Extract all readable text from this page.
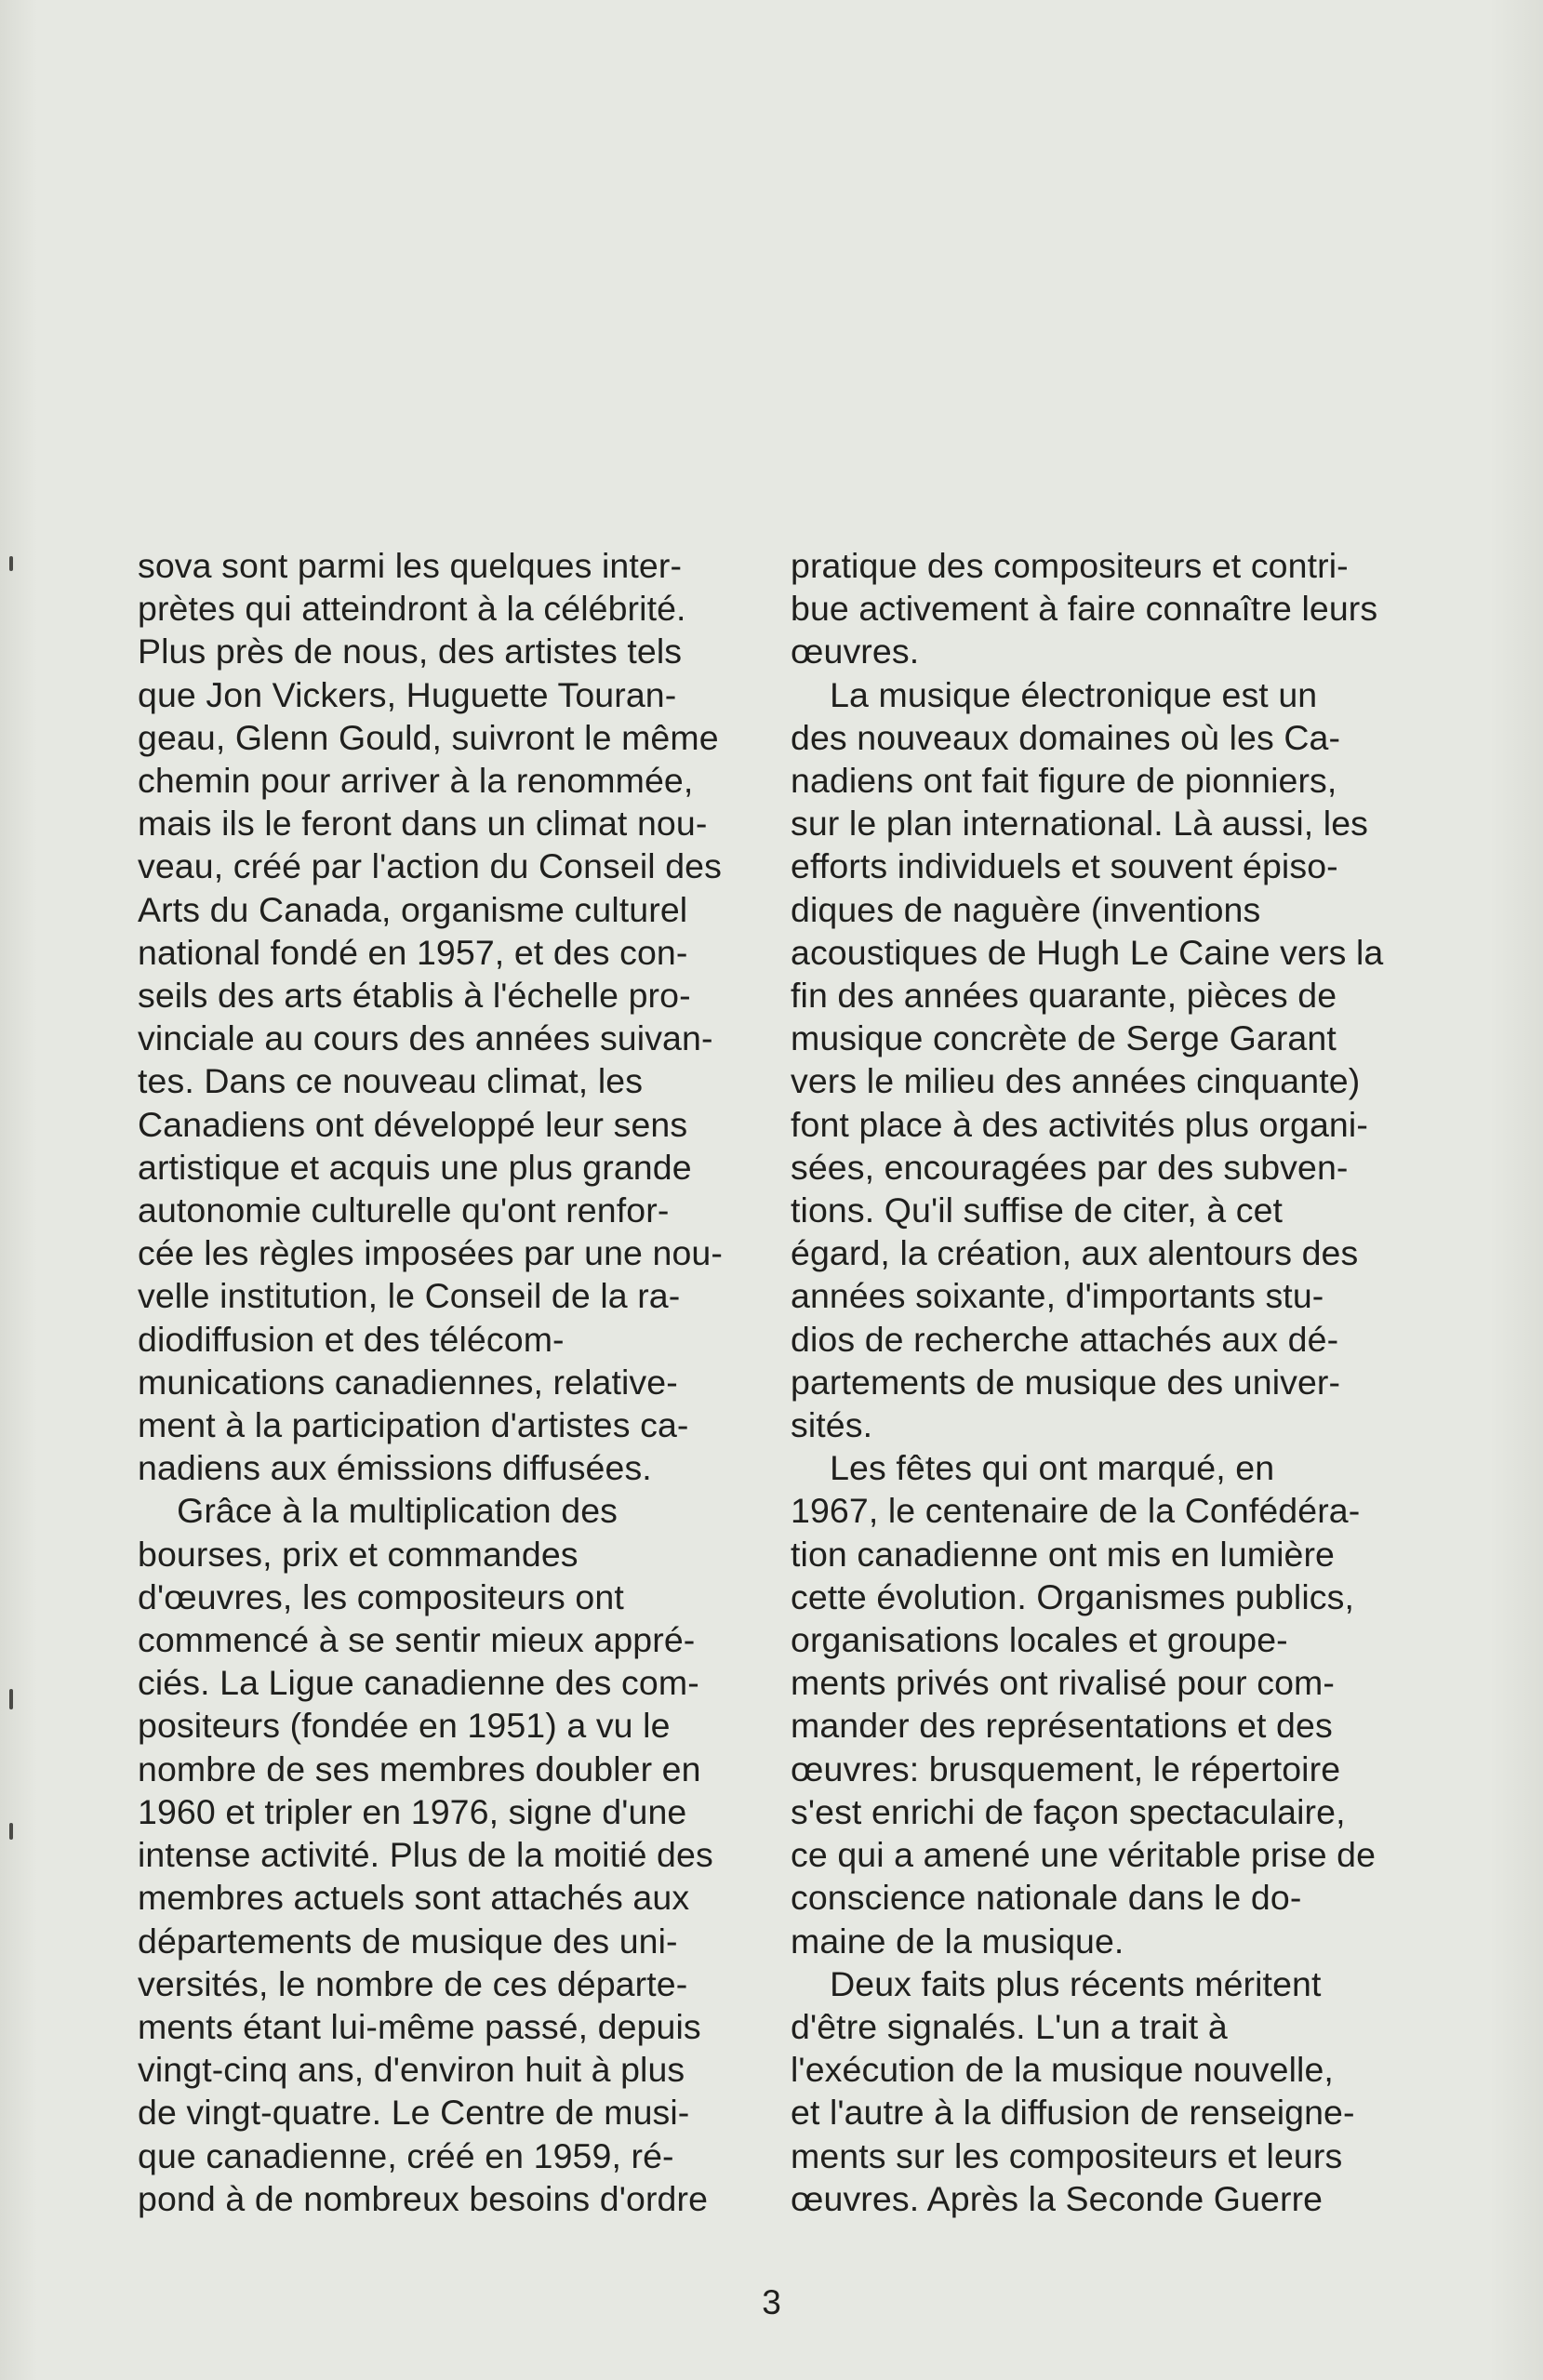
sova sont parmi les quelques inter-
prètes qui atteindront à la célébrité.
Plus près de nous, des artistes tels
que Jon Vickers, Huguette Touran-
geau, Glenn Gould, suivront le même
chemin pour arriver à la renommée,
mais ils le feront dans un climat nou-
veau, créé par l'action du Conseil des
Arts du Canada, organisme culturel
national fondé en 1957, et des con-
seils des arts établis à l'échelle pro-
vinciale au cours des années suivan-
tes. Dans ce nouveau climat, les
Canadiens ont développé leur sens
artistique et acquis une plus grande
autonomie culturelle qu'ont renfor-
cée les règles imposées par une nou-
velle institution, le Conseil de la ra-
diodiffusion et des télécom-
munications canadiennes, relative-
ment à la participation d'artistes ca-
nadiens aux émissions diffusées.
Grâce à la multiplication des
bourses, prix et commandes
d'œuvres, les compositeurs ont
commencé à se sentir mieux appré-
ciés. La Ligue canadienne des com-
positeurs (fondée en 1951) a vu le
nombre de ses membres doubler en
1960 et tripler en 1976, signe d'une
intense activité. Plus de la moitié des
membres actuels sont attachés aux
départements de musique des uni-
versités, le nombre de ces départe-
ments étant lui-même passé, depuis
vingt-cinq ans, d'environ huit à plus
de vingt-quatre. Le Centre de musi-
que canadienne, créé en 1959, ré-
pond à de nombreux besoins d'ordre
pratique des compositeurs et contri-
bue activement à faire connaître leurs
œuvres.
La musique électronique est un
des nouveaux domaines où les Ca-
nadiens ont fait figure de pionniers,
sur le plan international. Là aussi, les
efforts individuels et souvent épiso-
diques de naguère (inventions
acoustiques de Hugh Le Caine vers la
fin des années quarante, pièces de
musique concrète de Serge Garant
vers le milieu des années cinquante)
font place à des activités plus organi-
sées, encouragées par des subven-
tions. Qu'il suffise de citer, à cet
égard, la création, aux alentours des
années soixante, d'importants stu-
dios de recherche attachés aux dé-
partements de musique des univer-
sités.
Les fêtes qui ont marqué, en
1967, le centenaire de la Confédéra-
tion canadienne ont mis en lumière
cette évolution. Organismes publics,
organisations locales et groupe-
ments privés ont rivalisé pour com-
mander des représentations et des
œuvres: brusquement, le répertoire
s'est enrichi de façon spectaculaire,
ce qui a amené une véritable prise de
conscience nationale dans le do-
maine de la musique.
Deux faits plus récents méritent
d'être signalés. L'un a trait à
l'exécution de la musique nouvelle,
et l'autre à la diffusion de renseigne-
ments sur les compositeurs et leurs
œuvres. Après la Seconde Guerre
3
